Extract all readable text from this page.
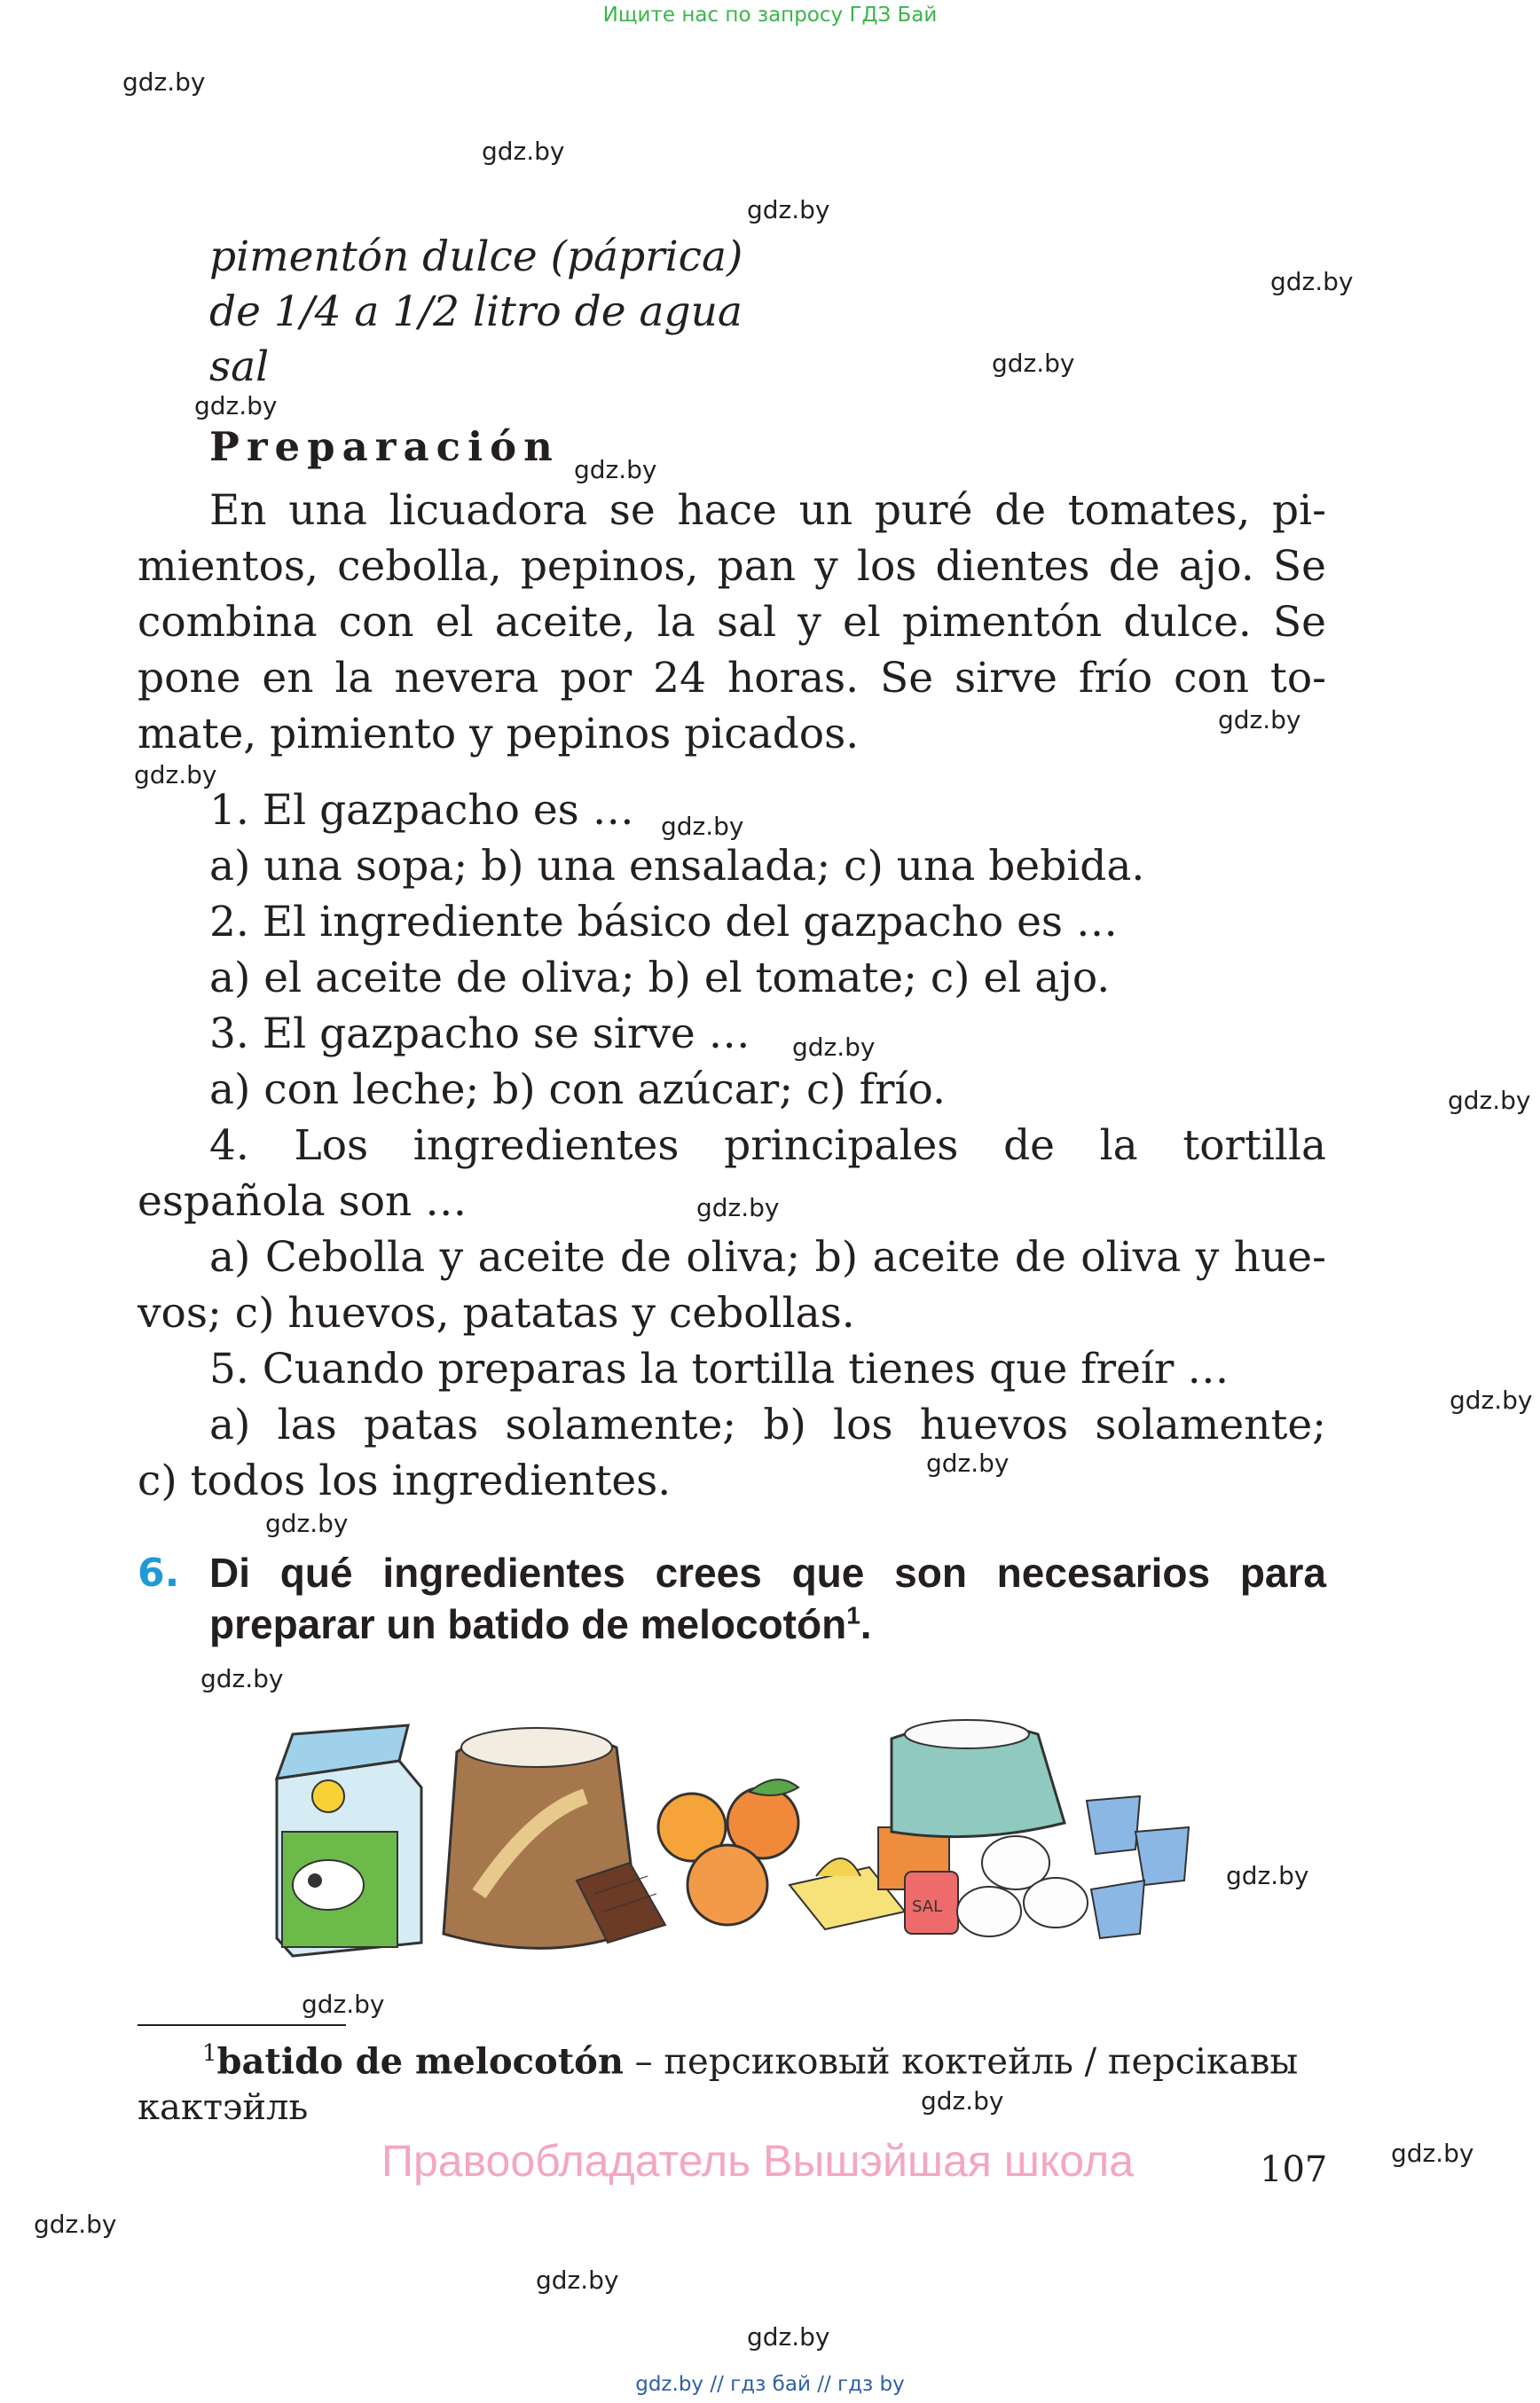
Ищите нас по запросу ГДЗ Бай
gdz.by
gdz.by
gdz.by
gdz.by
gdz.by
gdz.by
gdz.by
gdz.by
gdz.by
gdz.by
gdz.by
gdz.by
gdz.by
gdz.by
gdz.by
gdz.by
gdz.by
gdz.by
gdz.by
gdz.by
gdz.by
gdz.by
gdz.by
gdz.by
pimentón dulce (páprica)
de 1/4 a 1/2 litro de agua
sal
Preparación
En una licuadora se hace un puré de tomates, pi-
mientos, cebolla, pepinos, pan y los dientes de ajo. Se
combina con el aceite, la sal y el pimentón dulce. Se
pone en la nevera por 24 horas. Se sirve frío con to-
mate, pimiento y pepinos picados.
1. El gazpacho es …
a) una sopa; b) una ensalada; c) una bebida.
2. El ingrediente básico del gazpacho es …
a) el aceite de oliva; b) el tomate; c) el ajo.
3. El gazpacho se sirve …
a) con leche; b) con azúcar; c) frío.
4. Los ingredientes principales de la tortilla
española son …
a) Cebolla y aceite de oliva; b) aceite de oliva y hue-
vos; c) huevos, patatas y cebollas.
5. Cuando preparas la tortilla tienes que freír …
a) las patas solamente; b) los huevos solamente;
c) todos los ingredientes.
6. Di qué ingredientes crees que son necesarios para
preparar un batido de melocotón$^1$.
SAL
$^1$batido de melocotón – персиковый коктейль / персікавы
кактэйль
Правообладатель Вышэйшая школа	107
gdz.by // гдз бай // гдз by
